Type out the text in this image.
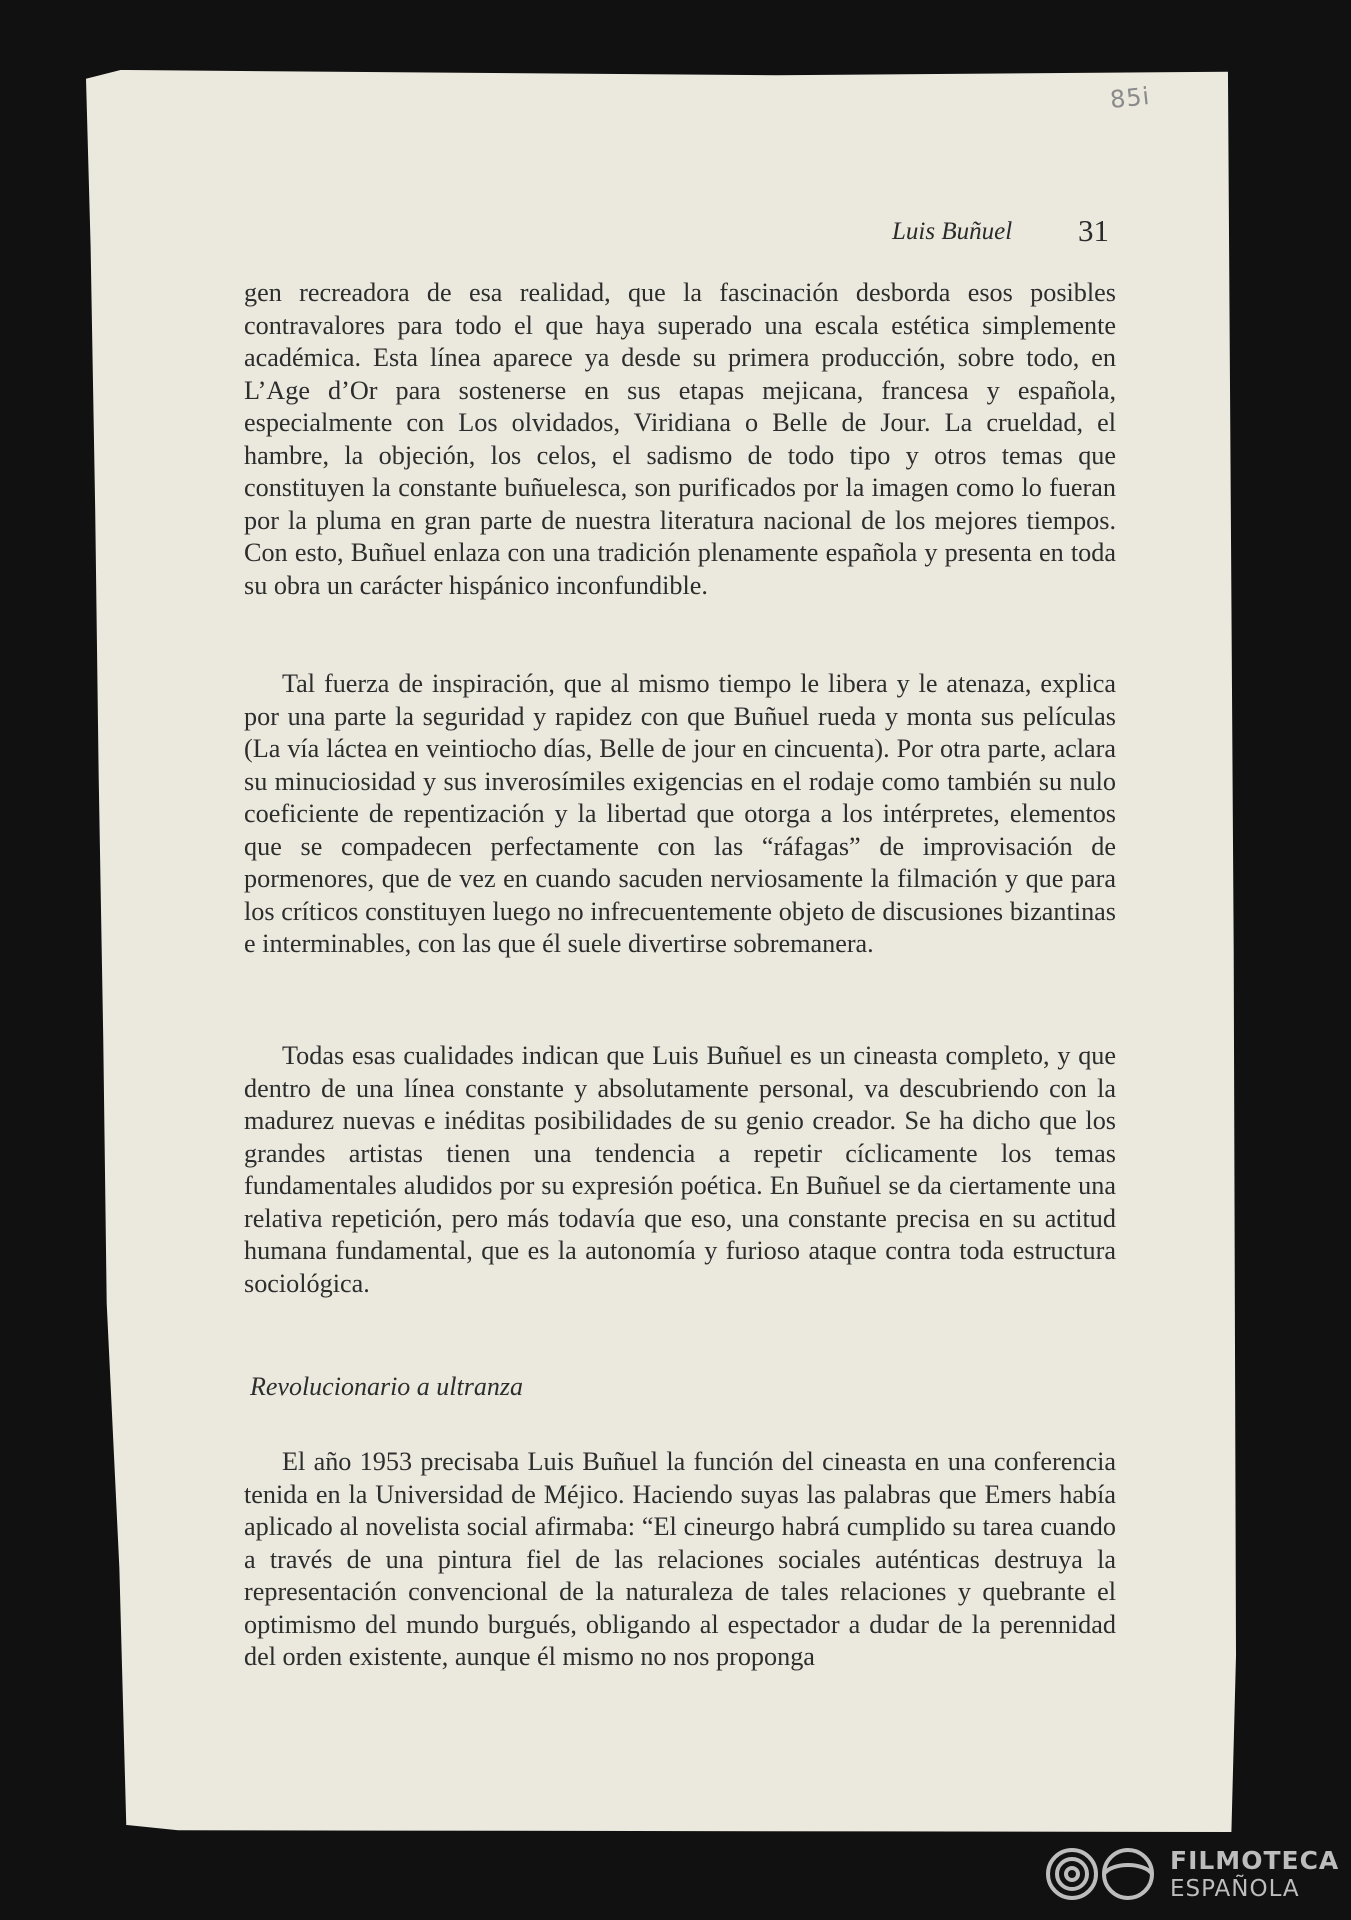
85i
Luis Buñuel 31

gen recreadora de esa realidad, que la fascinación desborda esos posibles contravalores para todo el que haya superado una escala estética simplemente académica. Esta línea aparece ya desde su primera producción, sobre todo, en L’Age d’Or para sostenerse en sus etapas mejicana, francesa y española, especialmente con Los olvidados, Viridiana o Belle de Jour. La crueldad, el hambre, la objeción, los celos, el sadismo de todo tipo y otros temas que constituyen la constante buñuelesca, son purificados por la imagen como lo fueran por la pluma en gran parte de nuestra literatura nacional de los mejores tiempos. Con esto, Buñuel enlaza con una tradición plenamente española y presenta en toda su obra un carácter hispánico inconfundible.

Tal fuerza de inspiración, que al mismo tiempo le libera y le atenaza, explica por una parte la seguridad y rapidez con que Buñuel rueda y monta sus películas (La vía láctea en veintiocho días, Belle de jour en cincuenta). Por otra parte, aclara su minuciosidad y sus inverosímiles exigencias en el rodaje como también su nulo coeficiente de repentización y la libertad que otorga a los intérpretes, elementos que se compadecen perfectamente con las “ráfagas” de improvisación de pormenores, que de vez en cuando sacuden nerviosamente la filmación y que para los críticos constituyen luego no infrecuentemente objeto de discusiones bizantinas e interminables, con las que él suele divertirse sobremanera.

Todas esas cualidades indican que Luis Buñuel es un cineasta completo, y que dentro de una línea constante y absolutamente personal, va descubriendo con la madurez nuevas e inéditas posibilidades de su genio creador. Se ha dicho que los grandes artistas tienen una tendencia a repetir cíclicamente los temas fundamentales aludidos por su expresión poética. En Buñuel se da ciertamente una relativa repetición, pero más todavía que eso, una constante precisa en su actitud humana fundamental, que es la autonomía y furioso ataque contra toda estructura sociológica.

Revolucionario a ultranza

El año 1953 precisaba Luis Buñuel la función del cineasta en una conferencia tenida en la Universidad de Méjico. Haciendo suyas las palabras que Emers había aplicado al novelista social afirmaba: “El cineurgo habrá cumplido su tarea cuando a través de una pintura fiel de las relaciones sociales auténticas destruya la representación convencional de la naturaleza de tales relaciones y quebrante el optimismo del mundo burgués, obligando al espectador a dudar de la perennidad del orden existente, aunque él mismo no nos proponga

FILMOTECA
ESPAÑOLA
